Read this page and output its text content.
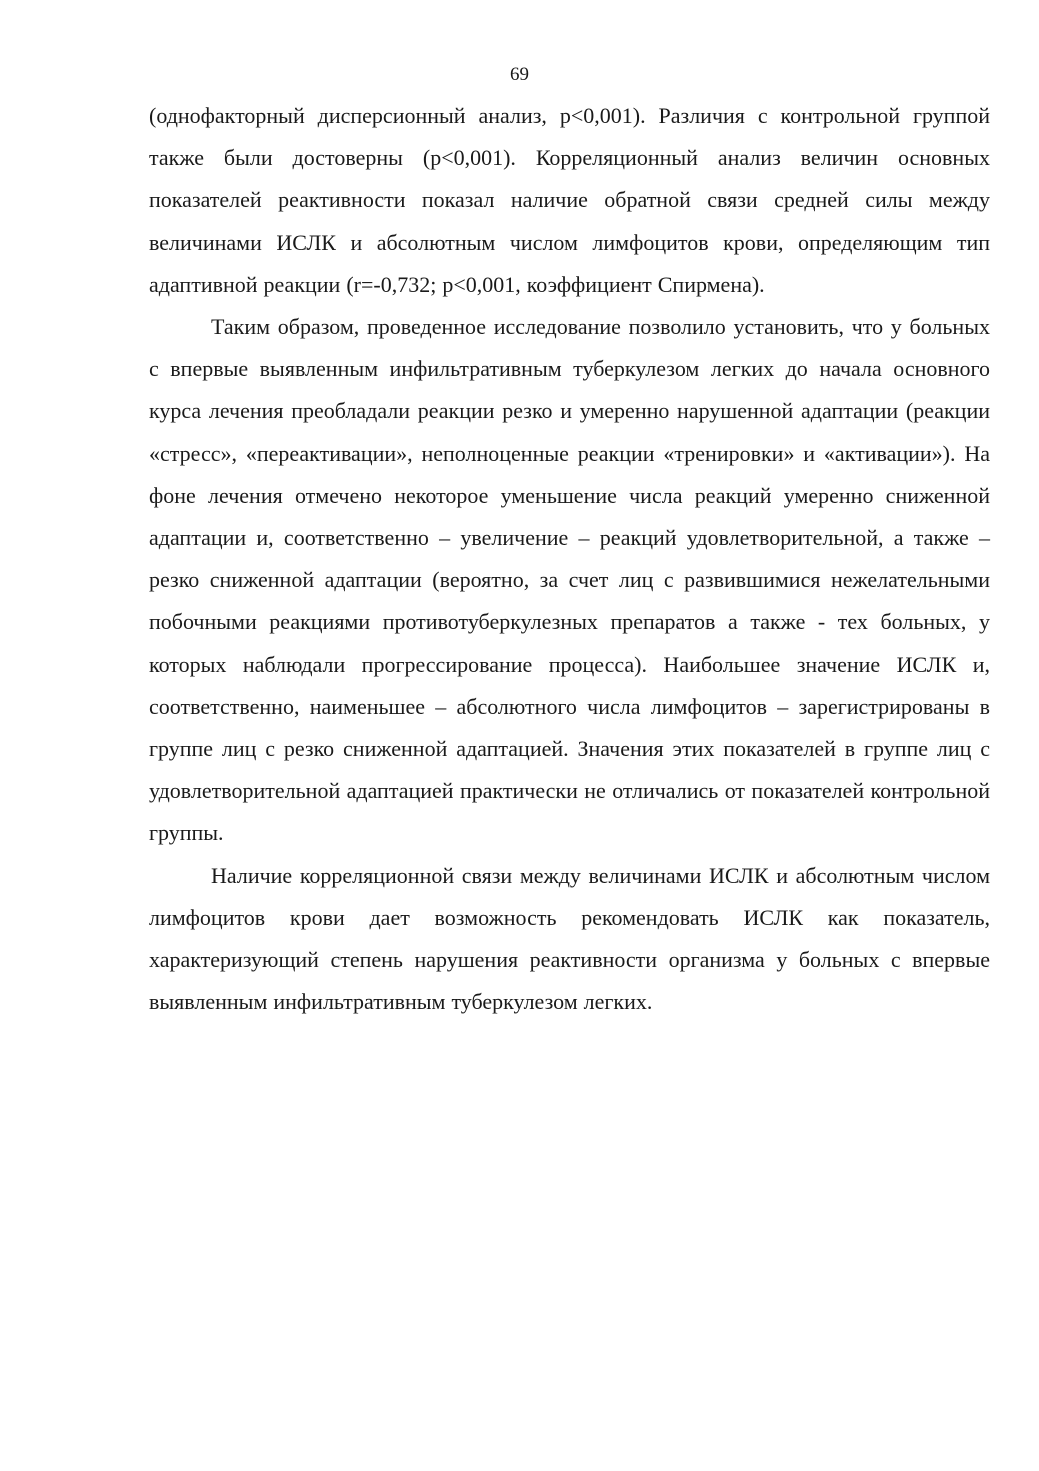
69

(однофакторный дисперсионный анализ, р<0,001). Различия с контрольной группой также были достоверны (р<0,001). Корреляционный анализ величин основных показателей реактивности показал наличие обратной связи средней силы между величинами ИСЛК и абсолютным числом лимфоцитов крови, определяющим тип адаптивной реакции (r=-0,732; р<0,001, коэффициент Спирмена).

Таким образом, проведенное исследование позволило установить, что у больных с впервые выявленным инфильтративным туберкулезом легких до начала основного курса лечения преобладали реакции резко и умеренно нарушенной адаптации (реакции «стресс», «переактивации», неполноценные реакции «тренировки» и «активации»). На фоне лечения отмечено некоторое уменьшение числа реакций умеренно сниженной адаптации и, соответственно – увеличение – реакций удовлетворительной, а также – резко сниженной адаптации (вероятно, за счет лиц с развившимися нежелательными побочными реакциями противотуберкулезных препаратов а также - тех больных, у которых наблюдали прогрессирование процесса). Наибольшее значение ИСЛК и, соответственно, наименьшее – абсолютного числа лимфоцитов – зарегистрированы в группе лиц с резко сниженной адаптацией. Значения этих показателей в группе лиц с удовлетворительной адаптацией практически не отличались от показателей контрольной группы.

Наличие корреляционной связи между величинами ИСЛК и абсолютным числом лимфоцитов крови дает возможность рекомендовать ИСЛК как показатель, характеризующий степень нарушения реактивности организма у больных с впервые выявленным инфильтративным туберкулезом легких.
